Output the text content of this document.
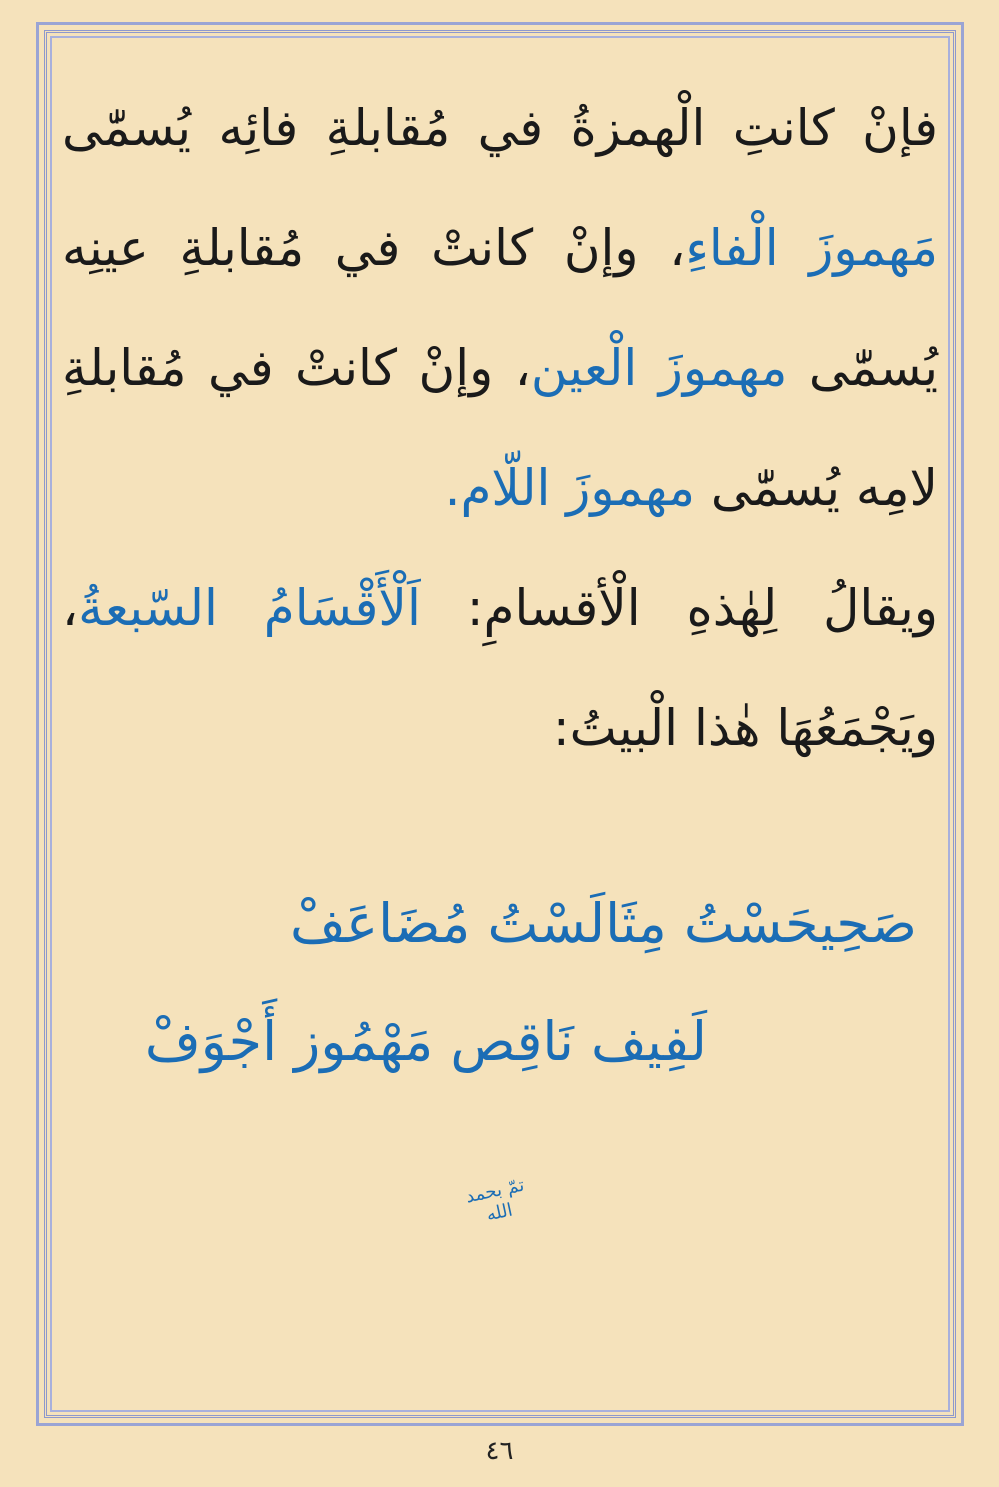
فإنْ كانتِ الْهمزةُ في مُقابلةِ فائِه يُسمّٰى
مَهموزَ الْفاءِ، وإنْ كانتْ في مُقابلةِ عينِه
يُسمّٰى مهموزَ الْعين، وإنْ كانتْ في مُقابلةِ
لامِه يُسمّٰى مهموزَ اللّام.
ويقالُ لِهٰذهِ الْأقسامِ: اَلْأَقْسَامُ السّبعةُ،
ويَجْمَعُهَا هٰذا الْبيتُ:
صَحِيحَسْتُ مِثَالَسْتُ مُضَاعَفْ
لَفِيف نَاقِص مَهْمُوز أَجْوَفْ
تمّ بحمد الله
٤٦
